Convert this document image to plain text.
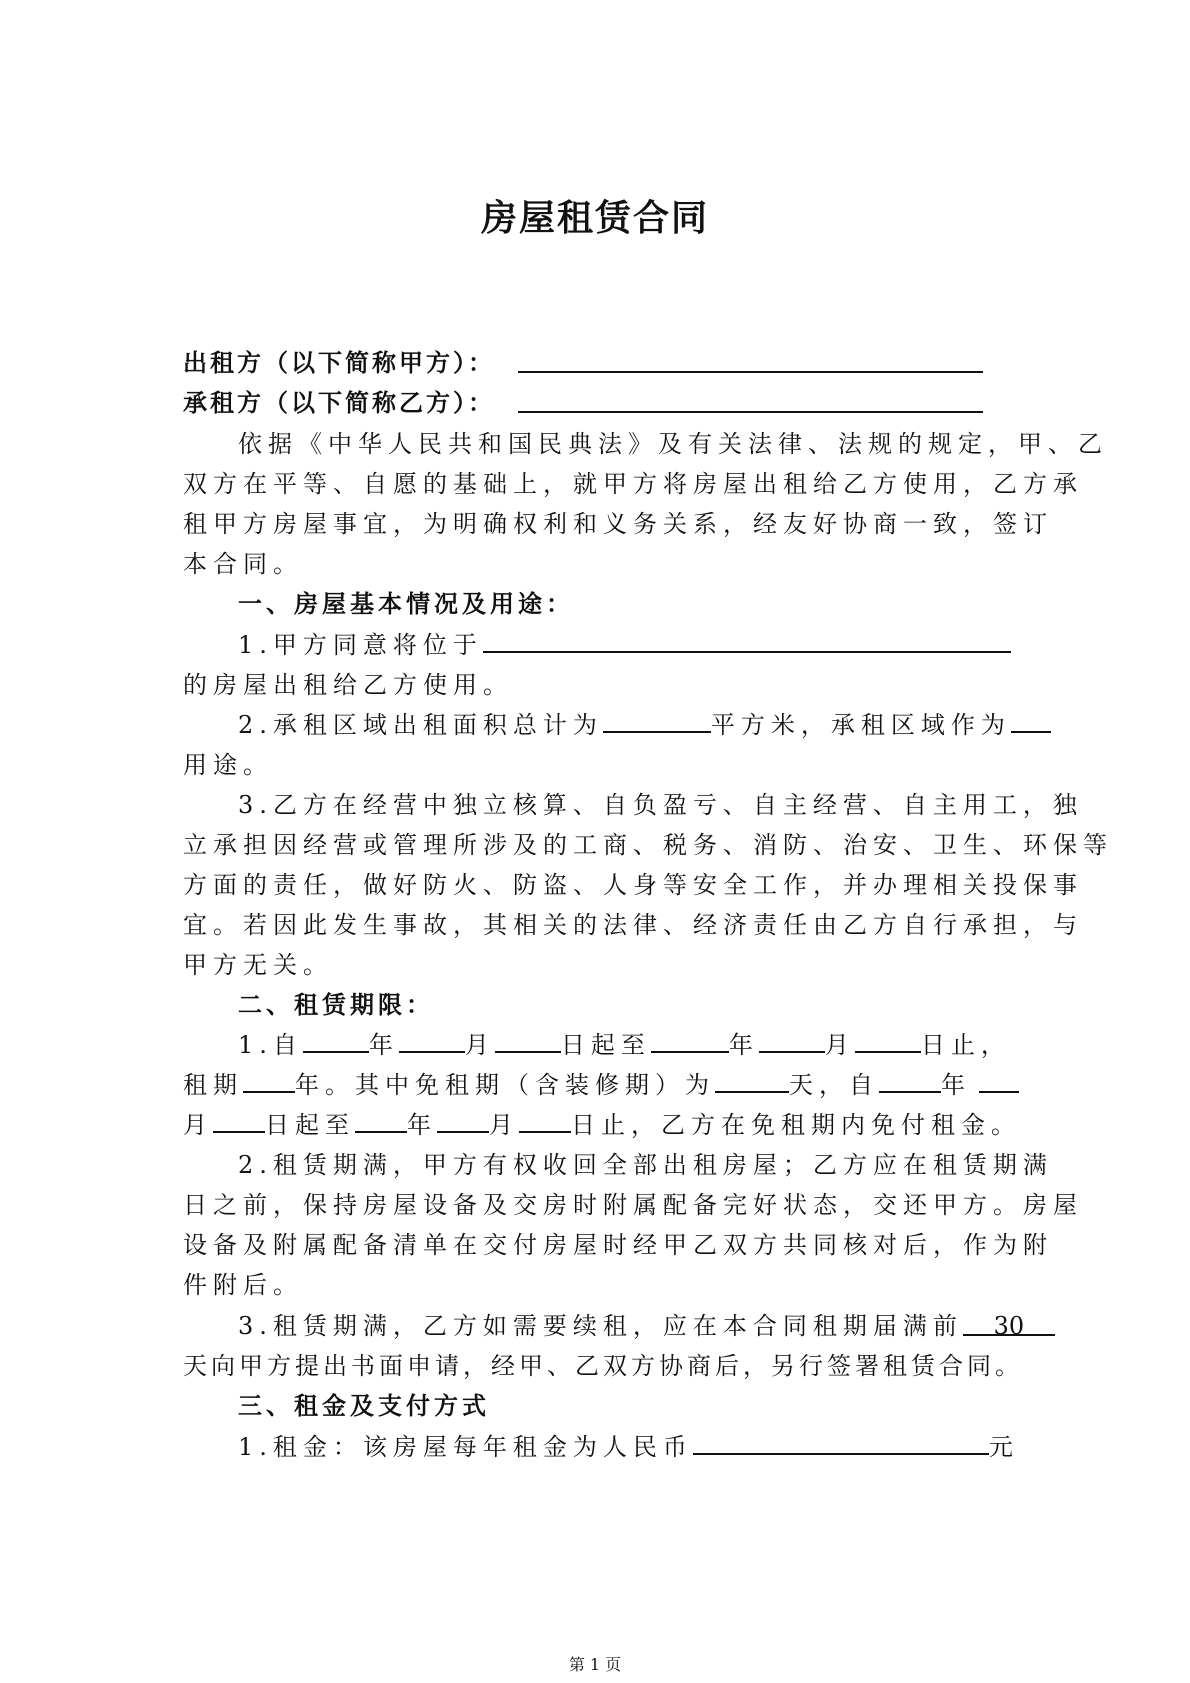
房屋租赁合同
出租方（以下简称甲方）：
承租方（以下简称乙方）：
依据《中华人民共和国民典法》及有关法律、法规的规定，甲、乙
双方在平等、自愿的基础上，就甲方将房屋出租给乙方使用，乙方承
租甲方房屋事宜，为明确权利和义务关系，经友好协商一致，签订
本合同。
一、房屋基本情况及用途：
1.甲方同意将位于
的房屋出租给乙方使用。
2.承租区域出租面积总计为	平方米，承租区域作为
用途。
3.乙方在经营中独立核算、自负盈亏、自主经营、自主用工，独
立承担因经营或管理所涉及的工商、税务、消防、治安、卫生、环保等
方面的责任，做好防火、防盗、人身等安全工作，并办理相关投保事
宜。若因此发生事故，其相关的法律、经济责任由乙方自行承担，与
甲方无关。
二、租赁期限：
1.自	年	月	日起至	年	月	日止，
租期 年。其中免租期（含装修期）为	天，自	年
月 日起至 年 月 日止，乙方在免租期内免付租金。
2.租赁期满，甲方有权收回全部出租房屋；乙方应在租赁期满
日之前，保持房屋设备及交房时附属配备完好状态，交还甲方。房屋
设备及附属配备清单在交付房屋时经甲乙双方共同核对后，作为附
件附后。
3.租赁期满，乙方如需要续租，应在本合同租期届满前 30
天向甲方提出书面申请，经甲、乙双方协商后，另行签署租赁合同。
三、租金及支付方式
1.租金：该房屋每年租金为人民币	元
第 1 页
